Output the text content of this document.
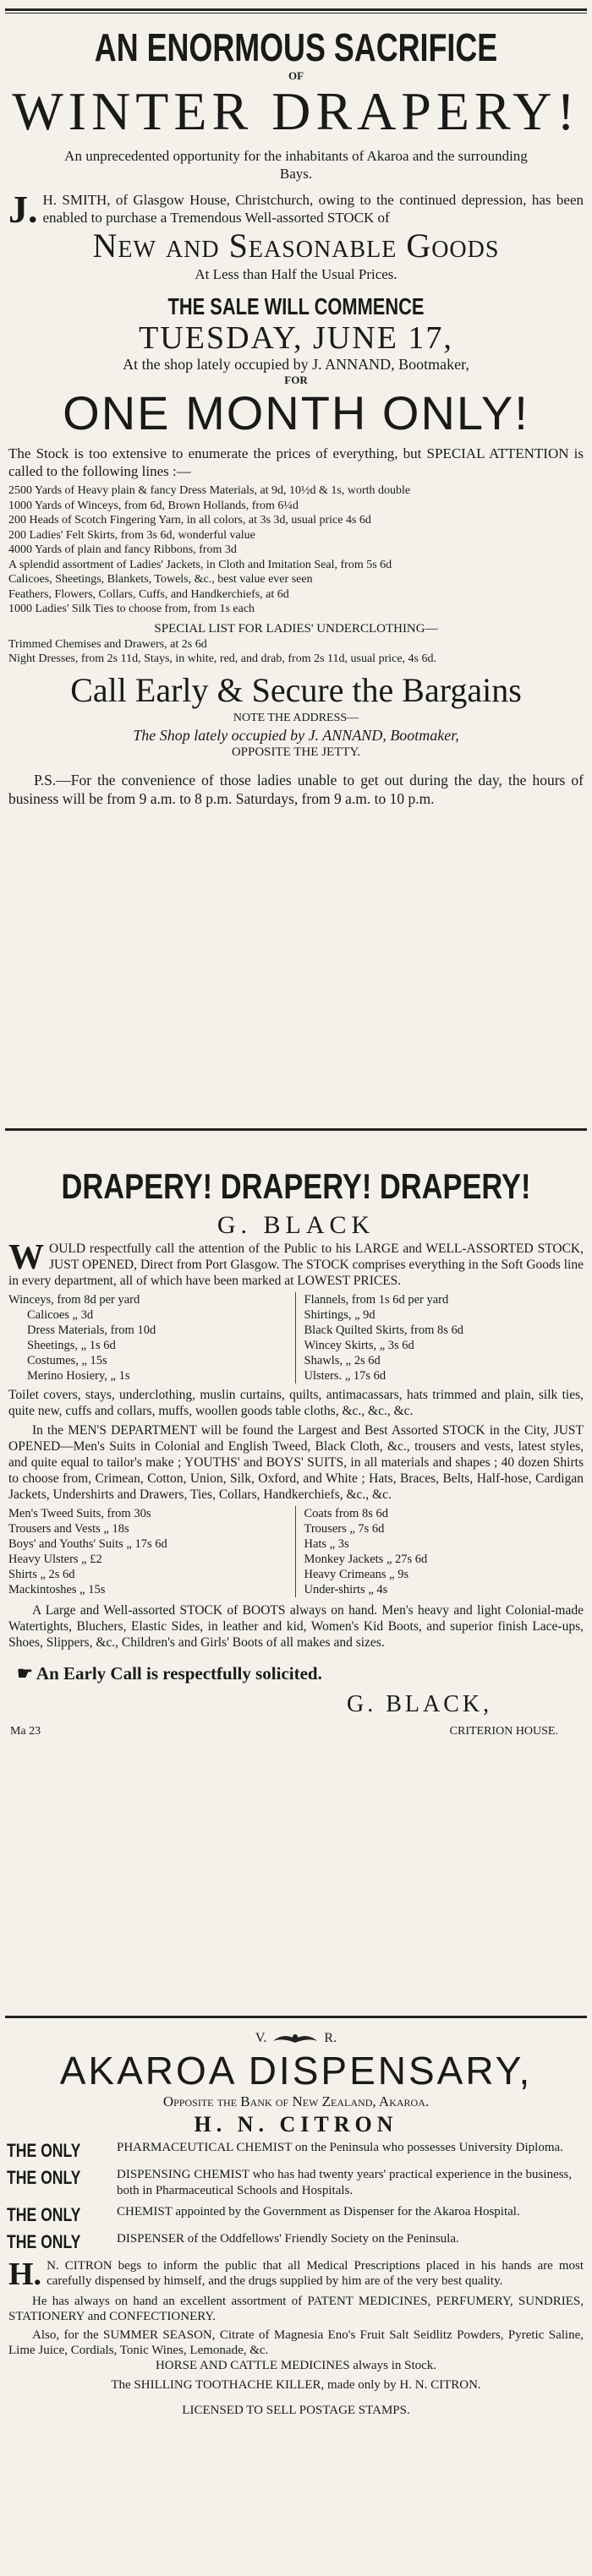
AN ENORMOUS SACRIFICE
OF
WINTER DRAPERY!
An unprecedented opportunity for the inhabitants of Akaroa and the surrounding Bays.
J. H. SMITH, of Glasgow House, Christchurch, owing to the continued depression, has been enabled to purchase a Tremendous Well-assorted STOCK of
New and Seasonable Goods
At Less than Half the Usual Prices.
THE SALE WILL COMMENCE
TUESDAY, JUNE 17,
At the shop lately occupied by J. ANNAND, Bootmaker,
FOR
ONE MONTH ONLY!
The Stock is too extensive to enumerate the prices of everything, but SPECIAL ATTENTION is called to the following lines :—
2500 Yards of Heavy plain & fancy Dress Materials, at 9d, 10½d & 1s, worth double
1000 Yards of Winceys, from 6d, Brown Hollands, from 6¼d
200 Heads of Scotch Fingering Yarn, in all colors, at 3s 3d, usual price 4s 6d
200 Ladies' Felt Skirts, from 3s 6d, wonderful value
4000 Yards of plain and fancy Ribbons, from 3d
A splendid assortment of Ladies' Jackets, in Cloth and Imitation Seal, from 5s 6d
Calicoes, Sheetings, Blankets, Towels, &c., best value ever seen
Feathers, Flowers, Collars, Cuffs, and Handkerchiefs, at 6d
1000 Ladies' Silk Ties to choose from, from 1s each
SPECIAL LIST FOR LADIES' UNDERCLOTHING—
Trimmed Chemises and Drawers, at 2s 6d
Night Dresses, from 2s 11d, Stays, in white, red, and drab, from 2s 11d, usual price, 4s 6d.
Call Early & Secure the Bargains
NOTE THE ADDRESS—
The Shop lately occupied by J. ANNAND, Bootmaker,
OPPOSITE THE JETTY.
P.S.—For the convenience of those ladies unable to get out during the day, the hours of business will be from 9 a.m. to 8 p.m. Saturdays, from 9 a.m. to 10 p.m.
DRAPERY! DRAPERY! DRAPERY!
G. BLACK
WOULD respectfully call the attention of the Public to his LARGE and WELL-ASSORTED STOCK, JUST OPENED, Direct from Port Glasgow. The STOCK comprises everything in the Soft Goods line in every department, all of which have been marked at LOWEST PRICES.
Winceys, from 8d per yard
Calicoes „ 3d
Dress Materials, from 10d
Sheetings, „ 1s 6d
Costumes, „ 15s
Merino Hosiery, „ 1s
Flannels, from 1s 6d per yard
Shirtings, „ 9d
Black Quilted Skirts, from 8s 6d
Wincey Skirts, „ 3s 6d
Shawls, „ 2s 6d
Ulsters. „ 17s 6d
Toilet covers, stays, underclothing, muslin curtains, quilts, antimacassars, hats trimmed and plain, silk ties, quite new, cuffs and collars, muffs, woollen goods table cloths, &c., &c., &c.
In the MEN'S DEPARTMENT will be found the Largest and Best Assorted STOCK in the City, JUST OPENED—Men's Suits in Colonial and English Tweed, Black Cloth, &c., trousers and vests, latest styles, and quite equal to tailor's make ; YOUTHS' and BOYS' SUITS, in all materials and shapes ; 40 dozen Shirts to choose from, Crimean, Cotton, Union, Silk, Oxford, and White ; Hats, Braces, Belts, Half-hose, Cardigan Jackets, Undershirts and Drawers, Ties, Collars, Handkerchiefs, &c., &c.
Men's Tweed Suits, from 30s
Trousers and Vests „ 18s
Boys' and Youths' Suits „ 17s 6d
Heavy Ulsters „ £2
Shirts „ 2s 6d
Mackintoshes „ 15s
Coats from 8s 6d
Trousers „ 7s 6d
Hats „ 3s
Monkey Jackets „ 27s 6d
Heavy Crimeans „ 9s
Under-shirts „ 4s
A Large and Well-assorted STOCK of BOOTS always on hand. Men's heavy and light Colonial-made Watertights, Bluchers, Elastic Sides, in leather and kid, Women's Kid Boots, and superior finish Lace-ups, Shoes, Slippers, &c., Children's and Girls' Boots of all makes and sizes.
☛ An Early Call is respectfully solicited.
G. BLACK,
Ma 23	CRITERION HOUSE.
V.	R.
AKAROA DISPENSARY,
Opposite the Bank of New Zealand, Akaroa.
H. N. CITRON
THE ONLY	PHARMACEUTICAL CHEMIST on the Peninsula who possesses University Diploma.
THE ONLY	DISPENSING CHEMIST who has had twenty years' practical experience in the business, both in Pharmaceutical Schools and Hospitals.
THE ONLY	CHEMIST appointed by the Government as Dispenser for the Akaroa Hospital.
THE ONLY	DISPENSER of the Oddfellows' Friendly Society on the Peninsula.
H. N. CITRON begs to inform the public that all Medical Prescriptions placed in his hands are most carefully dispensed by himself, and the drugs supplied by him are of the very best quality.
He has always on hand an excellent assortment of PATENT MEDICINES, PERFUMERY, SUNDRIES, STATIONERY and CONFECTIONERY.
Also, for the SUMMER SEASON, Citrate of Magnesia Eno's Fruit Salt Seidlitz Powders, Pyretic Saline, Lime Juice, Cordials, Tonic Wines, Lemonade, &c.
HORSE AND CATTLE MEDICINES always in Stock.
The SHILLING TOOTHACHE KILLER, made only by H. N. CITRON.
LICENSED TO SELL POSTAGE STAMPS.
